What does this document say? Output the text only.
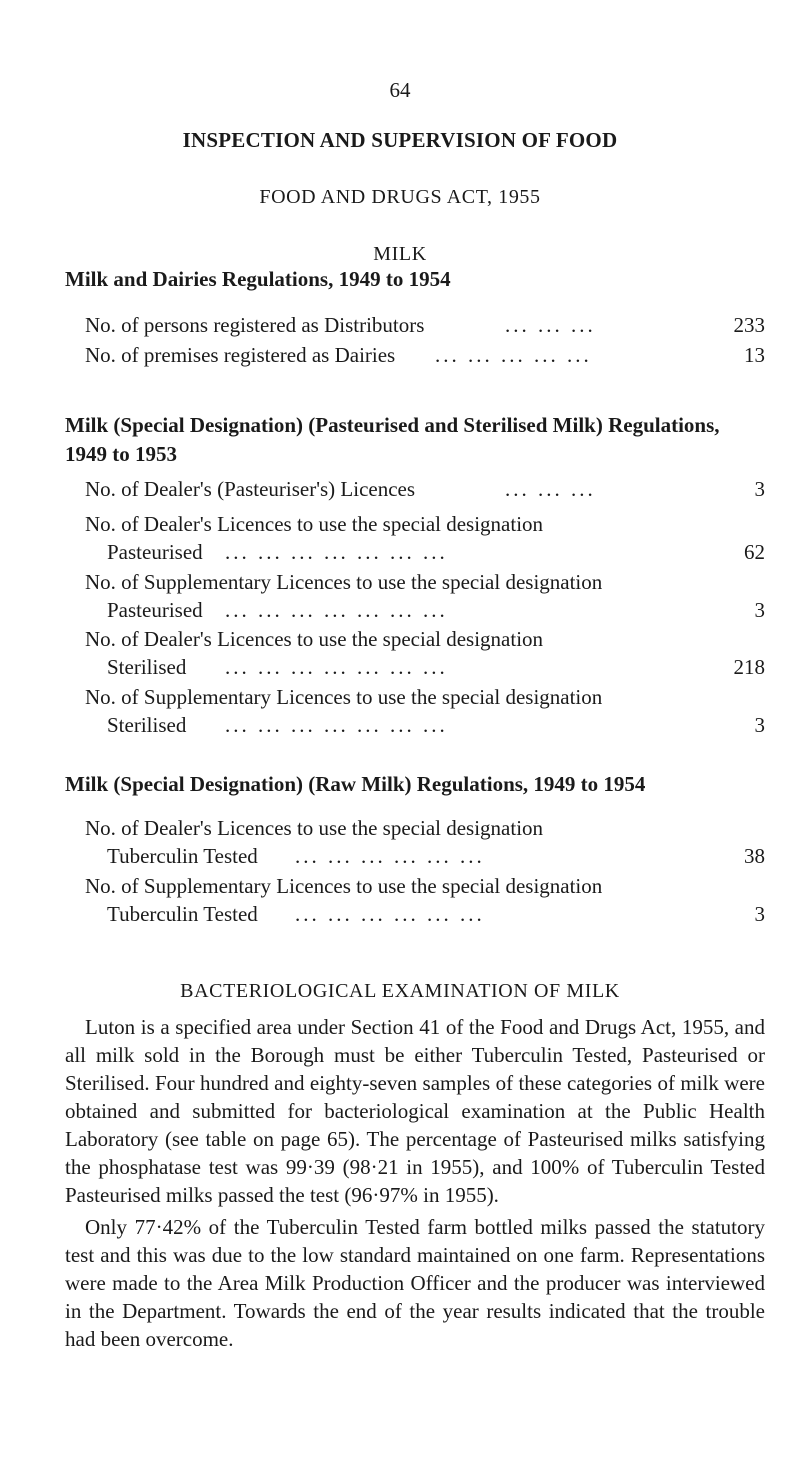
64
INSPECTION AND SUPERVISION OF FOOD
FOOD AND DRUGS ACT, 1955
MILK
Milk and Dairies Regulations, 1949 to 1954
No. of persons registered as Distributors	... ... ...	233
No. of premises registered as Dairies ... ... ... ... ...	13
Milk (Special Designation) (Pasteurised and Sterilised Milk) Regulations, 1949 to 1953
No. of Dealer's (Pasteuriser's) Licences	... ... ...	3
No. of Dealer's Licences to use the special designation
Pasteurised ... ... ... ... ... ... ...	62
No. of Supplementary Licences to use the special designation
Pasteurised ... ... ... ... ... ... ...	3
No. of Dealer's Licences to use the special designation
Sterilised ... ... ... ... ... ... ...	218
No. of Supplementary Licences to use the special designation
Sterilised ... ... ... ... ... ... ...	3
Milk (Special Designation) (Raw Milk) Regulations, 1949 to 1954
No. of Dealer's Licences to use the special designation
Tuberculin Tested ... ... ... ... ... ...	38
No. of Supplementary Licences to use the special designation
Tuberculin Tested ... ... ... ... ... ...	3
BACTERIOLOGICAL EXAMINATION OF MILK

Luton is a specified area under Section 41 of the Food and Drugs Act, 1955, and all milk sold in the Borough must be either Tuberculin Tested, Pasteurised or Sterilised. Four hundred and eighty-seven samples of these categories of milk were obtained and submitted for bacteriological examination at the Public Health Laboratory (see table on page 65). The percentage of Pasteurised milks satisfying the phosphatase test was 99·39 (98·21 in 1955), and 100% of Tuberculin Tested Pasteurised milks passed the test (96·97% in 1955).

Only 77·42% of the Tuberculin Tested farm bottled milks passed the statutory test and this was due to the low standard maintained on one farm. Representations were made to the Area Milk Production Officer and the producer was interviewed in the Department. Towards the end of the year results indicated that the trouble had been overcome.
